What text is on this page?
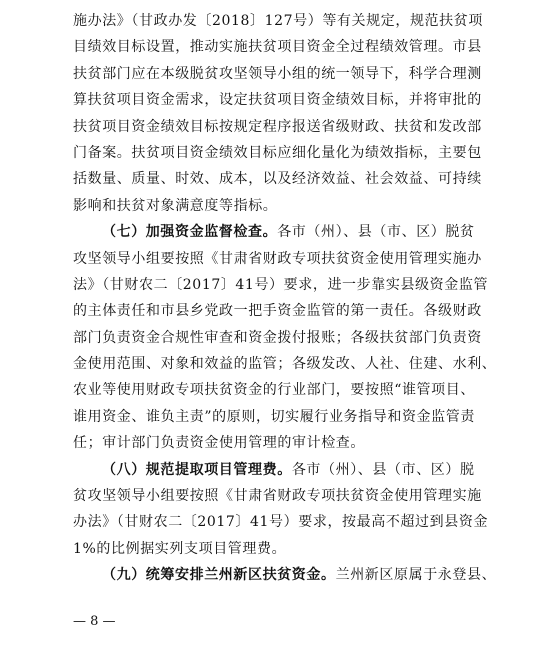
施办法》（甘政办发〔2018〕127号）等有关规定，规范扶贫项
目绩效目标设置，推动实施扶贫项目资金全过程绩效管理。市县
扶贫部门应在本级脱贫攻坚领导小组的统一领导下，科学合理测
算扶贫项目资金需求，设定扶贫项目资金绩效目标，并将审批的
扶贫项目资金绩效目标按规定程序报送省级财政、扶贫和发改部
门备案。扶贫项目资金绩效目标应细化量化为绩效指标，主要包
括数量、质量、时效、成本，以及经济效益、社会效益、可持续
影响和扶贫对象满意度等指标。
（七）加强资金监督检查。各市（州）、县（市、区）脱贫
攻坚领导小组要按照《甘肃省财政专项扶贫资金使用管理实施办
法》（甘财农二〔2017〕41号）要求，进一步靠实县级资金监管
的主体责任和市县乡党政一把手资金监管的第一责任。各级财政
部门负责资金合规性审查和资金拨付报账；各级扶贫部门负责资
金使用范围、对象和效益的监管；各级发改、人社、住建、水利、
农业等使用财政专项扶贫资金的行业部门，要按照“谁管项目、
谁用资金、谁负主责”的原则，切实履行业务指导和资金监管责
任；审计部门负责资金使用管理的审计检查。
（八）规范提取项目管理费。各市（州）、县（市、区）脱
贫攻坚领导小组要按照《甘肃省财政专项扶贫资金使用管理实施
办法》（甘财农二〔2017〕41号）要求，按最高不超过到县资金
1%的比例据实列支项目管理费。
（九）统筹安排兰州新区扶贫资金。兰州新区原属于永登县、
— 8 —
